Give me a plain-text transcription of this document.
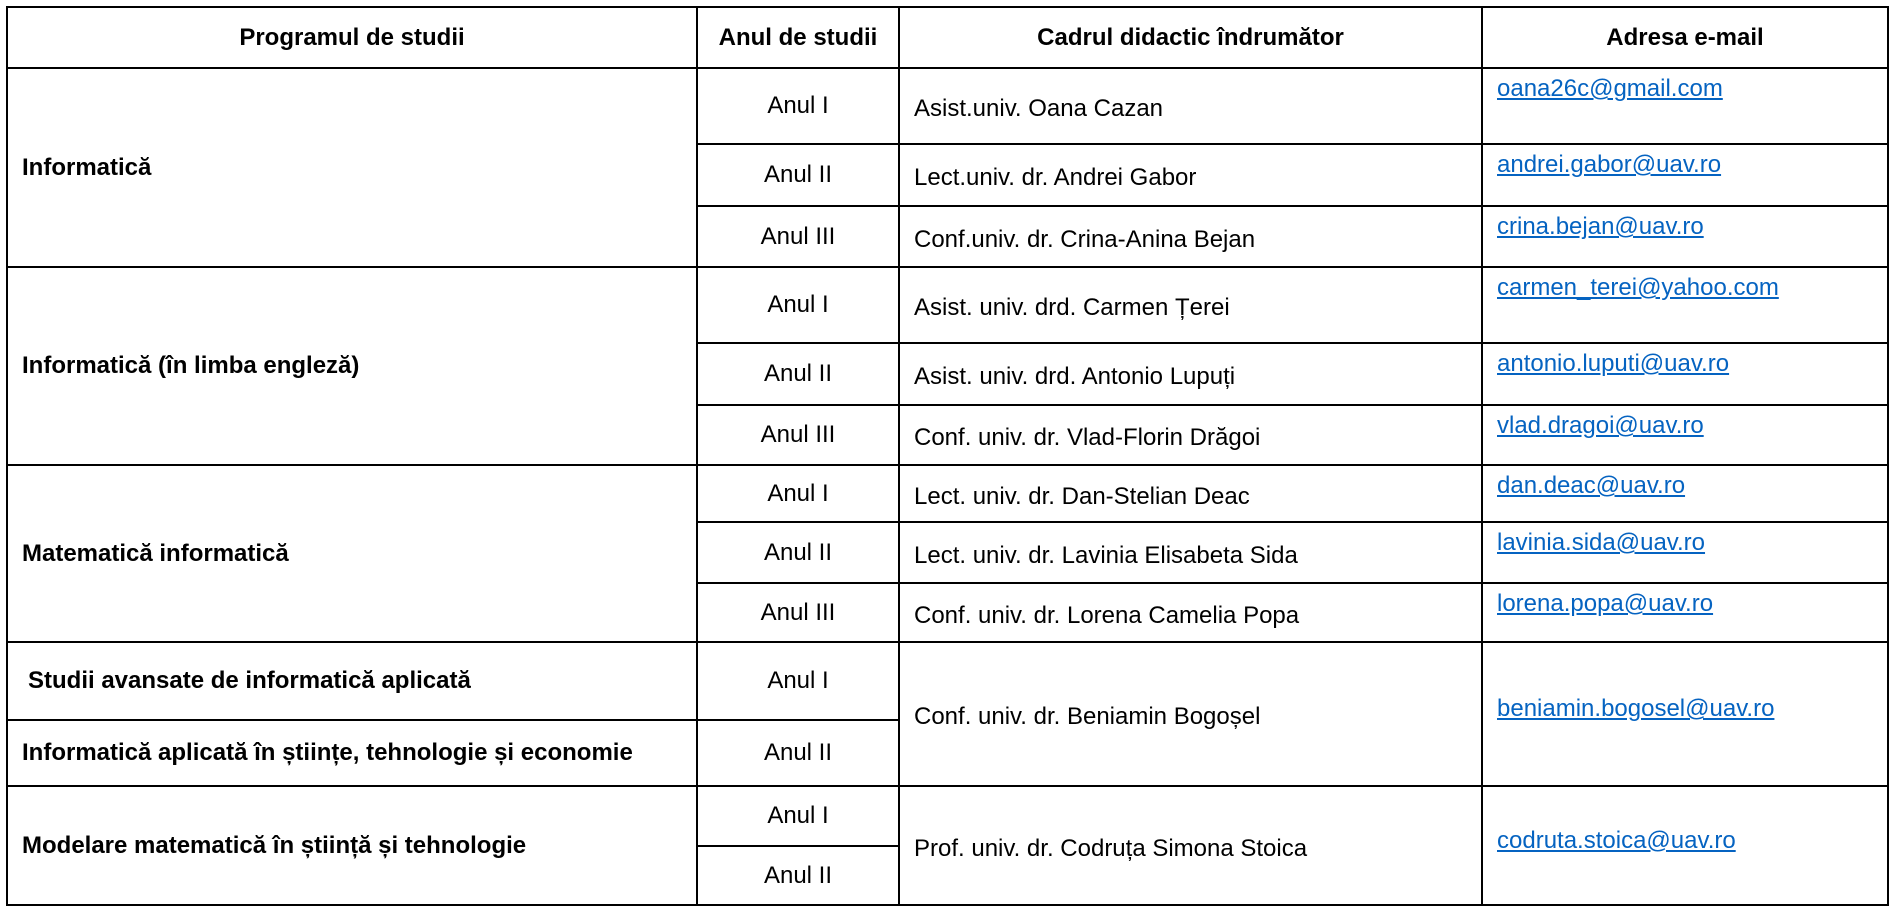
Programul de studii	Anul de studii	Cadrul didactic îndrumător	Adresa e-mail
Informatică	Anul I	Asist.univ. Oana Cazan	oana26c@gmail.com
	Anul II	Lect.univ. dr. Andrei Gabor	andrei.gabor@uav.ro
	Anul III	Conf.univ. dr. Crina-Anina Bejan	crina.bejan@uav.ro
Informatică (în limba engleză)	Anul I	Asist. univ. drd. Carmen Țerei	carmen_terei@yahoo.com
	Anul II	Asist. univ. drd. Antonio Lupuți	antonio.luputi@uav.ro
	Anul III	Conf. univ. dr. Vlad-Florin Drăgoi	vlad.dragoi@uav.ro
Matematică informatică	Anul I	Lect. univ. dr. Dan-Stelian Deac	dan.deac@uav.ro
	Anul II	Lect. univ. dr. Lavinia Elisabeta Sida	lavinia.sida@uav.ro
	Anul III	Conf. univ. dr. Lorena Camelia Popa	lorena.popa@uav.ro
Studii avansate de informatică aplicată	Anul I	Conf. univ. dr. Beniamin Bogoșel	beniamin.bogosel@uav.ro
Informatică aplicată în științe, tehnologie și economie	Anul II		
Modelare matematică în știință și tehnologie	Anul I	Prof. univ. dr. Codruța Simona Stoica	codruta.stoica@uav.ro
	Anul II		
